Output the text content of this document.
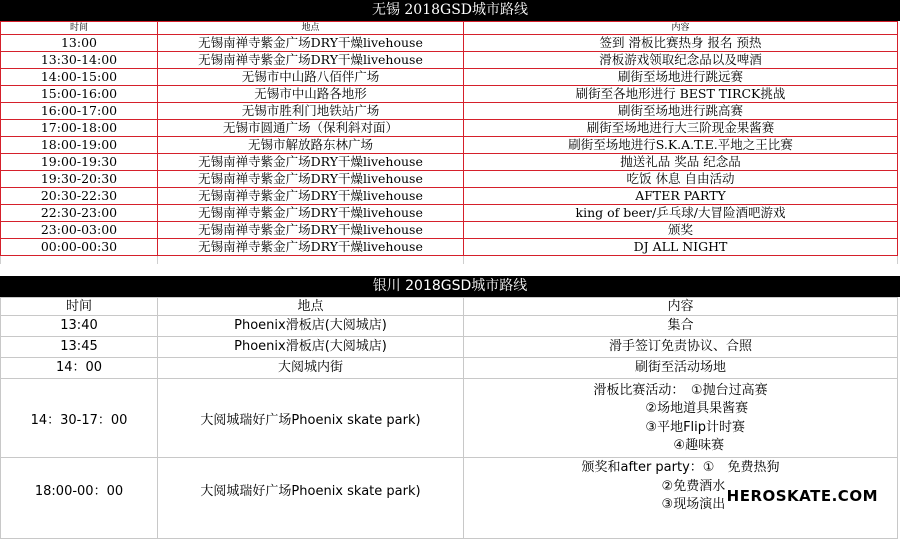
无锡 2018GSD城市路线
时间	地点	内容
13:00	无锡南禅寺紫金广场DRY干燥livehouse	签到 滑板比赛热身 报名 预热
13:30-14:00	无锡南禅寺紫金广场DRY干燥livehouse	滑板游戏领取纪念品以及啤酒
14:00-15:00	无锡市中山路八佰伴广场	刷街至场地进行跳远赛
15:00-16:00	无锡市中山路各地形	刷街至各地形进行 BEST TIRCK挑战
16:00-17:00	无锡市胜利门地铁站广场	刷街至场地进行跳高赛
17:00-18:00	无锡市圆通广场（保利斜对面）	刷街至场地进行大三阶现金果酱赛
18:00-19:00	无锡市解放路东林广场	刷街至场地进行S.K.A.T.E.平地之王比赛
19:00-19:30	无锡南禅寺紫金广场DRY干燥livehouse	抛送礼品 奖品 纪念品
19:30-20:30	无锡南禅寺紫金广场DRY干燥livehouse	吃饭 休息 自由活动
20:30-22:30	无锡南禅寺紫金广场DRY干燥livehouse	AFTER PARTY
22:30-23:00	无锡南禅寺紫金广场DRY干燥livehouse	king of beer/乒乓球/大冒险酒吧游戏
23:00-03:00	无锡南禅寺紫金广场DRY干燥livehouse	颁奖
00:00-00:30	无锡南禅寺紫金广场DRY干燥livehouse	DJ ALL NIGHT

银川 2018GSD城市路线
时间	地点	内容
13:40	Phoenix滑板店(大阅城店)	集合
13:45	Phoenix滑板店(大阅城店)	滑手签订免责协议、合照
14：00	大阅城内街	刷街至活动场地
14：30-17：00	大阅城瑞好广场Phoenix skate park)	滑板比赛活动：　①抛台过高赛
②场地道具果酱赛
③平地Flip计时赛
④趣味赛

18:00-00：00	大阅城瑞好广场Phoenix skate park)	颁奖和after party：①　免费热狗
②免费酒水
③现场演出 HEROSKATE.COM
